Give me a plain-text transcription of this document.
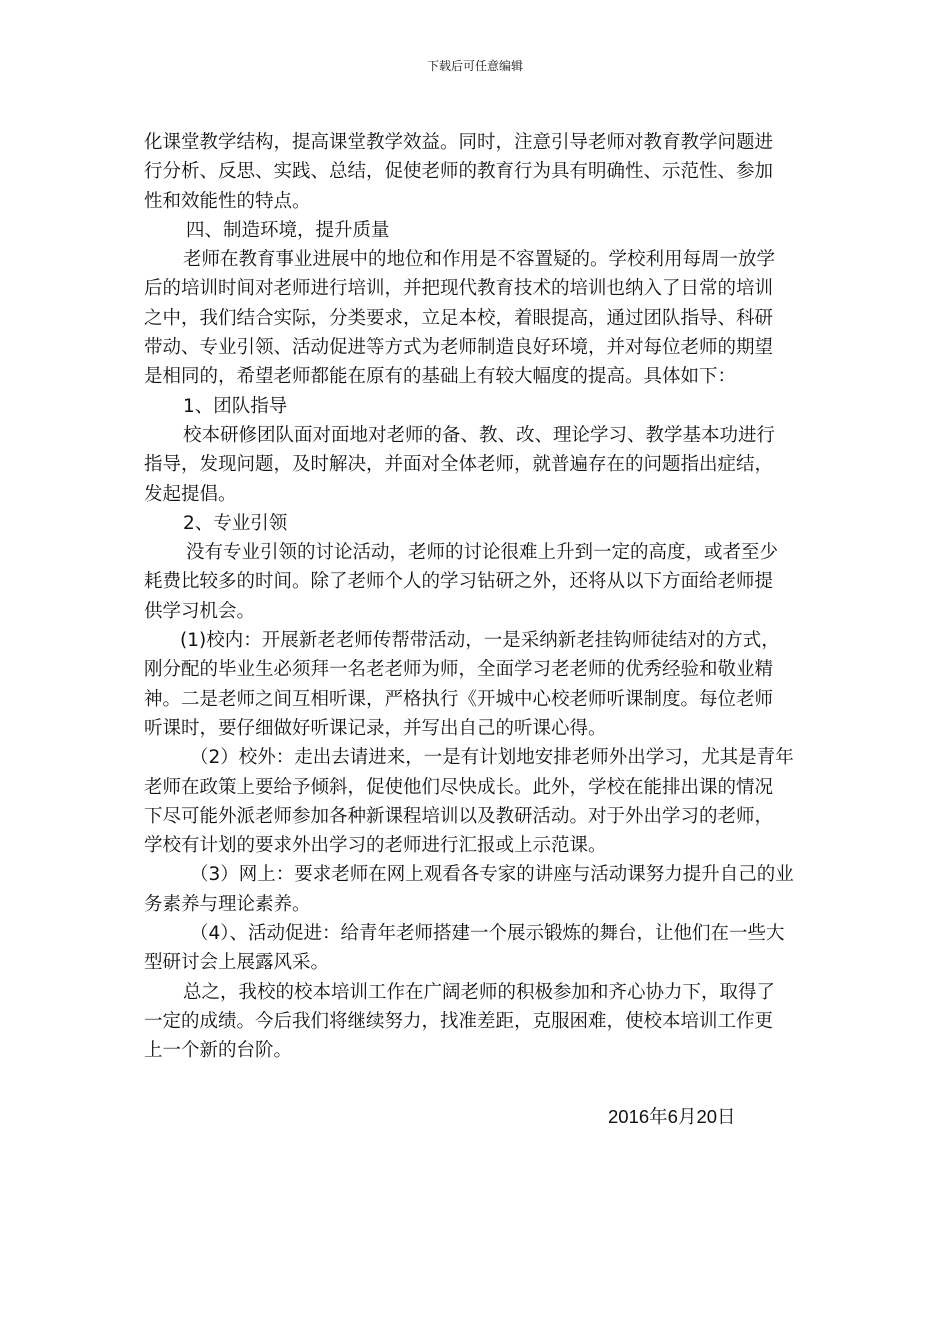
下载后可任意编辑
化课堂教学结构，提高课堂教学效益。同时，注意引导老师对教育教学问题进
行分析、反思、实践、总结，促使老师的教育行为具有明确性、示范性、参加
性和效能性的特点。
四、制造环境，提升质量
老师在教育事业进展中的地位和作用是不容置疑的。学校利用每周一放学
后的培训时间对老师进行培训，并把现代教育技术的培训也纳入了日常的培训
之中，我们结合实际，分类要求，立足本校，着眼提高，通过团队指导、科研
带动、专业引领、活动促进等方式为老师制造良好环境，并对每位老师的期望
是相同的，希望老师都能在原有的基础上有较大幅度的提高。具体如下：
1、团队指导
校本研修团队面对面地对老师的备、教、改、理论学习、教学基本功进行
指导，发现问题，及时解决，并面对全体老师，就普遍存在的问题指出症结，
发起提倡。
2、专业引领
没有专业引领的讨论活动，老师的讨论很难上升到一定的高度，或者至少
耗费比较多的时间。除了老师个人的学习钻研之外，还将从以下方面给老师提
供学习机会。
(1)校内：开展新老老师传帮带活动，一是采纳新老挂钩师徒结对的方式，
刚分配的毕业生必须拜一名老老师为师，全面学习老老师的优秀经验和敬业精
神。二是老师之间互相听课，严格执行《开城中心校老师听课制度。每位老师
听课时，要仔细做好听课记录，并写出自己的听课心得。
（2）校外：走出去请进来，一是有计划地安排老师外出学习，尤其是青年
老师在政策上要给予倾斜，促使他们尽快成长。此外，学校在能排出课的情况
下尽可能外派老师参加各种新课程培训以及教研活动。对于外出学习的老师，
学校有计划的要求外出学习的老师进行汇报或上示范课。
（3）网上：要求老师在网上观看各专家的讲座与活动课努力提升自己的业
务素养与理论素养。
（4）、活动促进：给青年老师搭建一个展示锻炼的舞台，让他们在一些大
型研讨会上展露风采。
总之，我校的校本培训工作在广阔老师的积极参加和齐心协力下，取得了
一定的成绩。今后我们将继续努力，找准差距，克服困难，使校本培训工作更
上一个新的台阶。
2016年6月20日
